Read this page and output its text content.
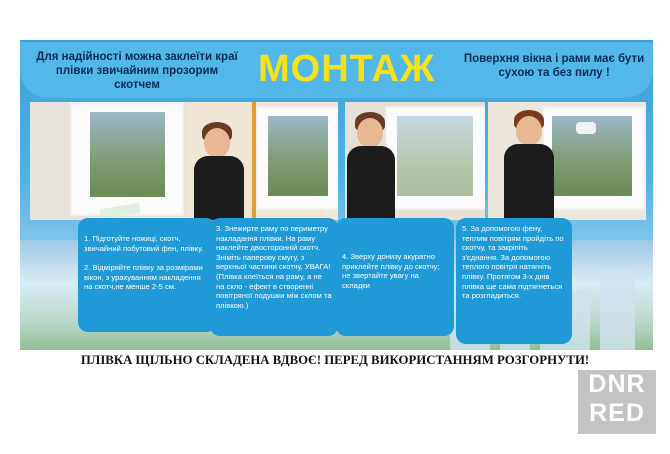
Для надійності можна заклеїти краї плівки звичайним прозорим скотчем	МОНТАЖ	Поверхня вікна і рами має бути сухою та без пилу !
1. Підготуйте ножиці, скотч, звичайний побутовий фен, плівку.
2. Відміряйте плівку за розмірами вікон, з урахуванням накладення на скотч,не менше 2-5 см.
3. Знежирте раму по периметру накладання плівки. На раму наклейте двосторонній скотч. Зніміть паперову смугу, з верхньої частини скотчу, УВАГА! (Плівка клеїться на раму, а не на скло - ефект в створенні повітряної подушки між склом та плівкою.)
4. Зверху донизу акуратно приклейте плівку до скотчу; не звертайте увагу на складки
5. За допомогою фену, теплим повітрям пройдіть по скотчу, та закріпіть з'єднання. За допомогою теплого повітря натягніть плівку. Протягом 3-х днів плівка ще сама підтягнеться та розгладиться.
ПЛІВКА ЩІЛЬНО СКЛАДЕНА ВДВОЄ! ПЕРЕД ВИКОРИСТАННЯМ РОЗГОРНУТИ!
DNR
RED
